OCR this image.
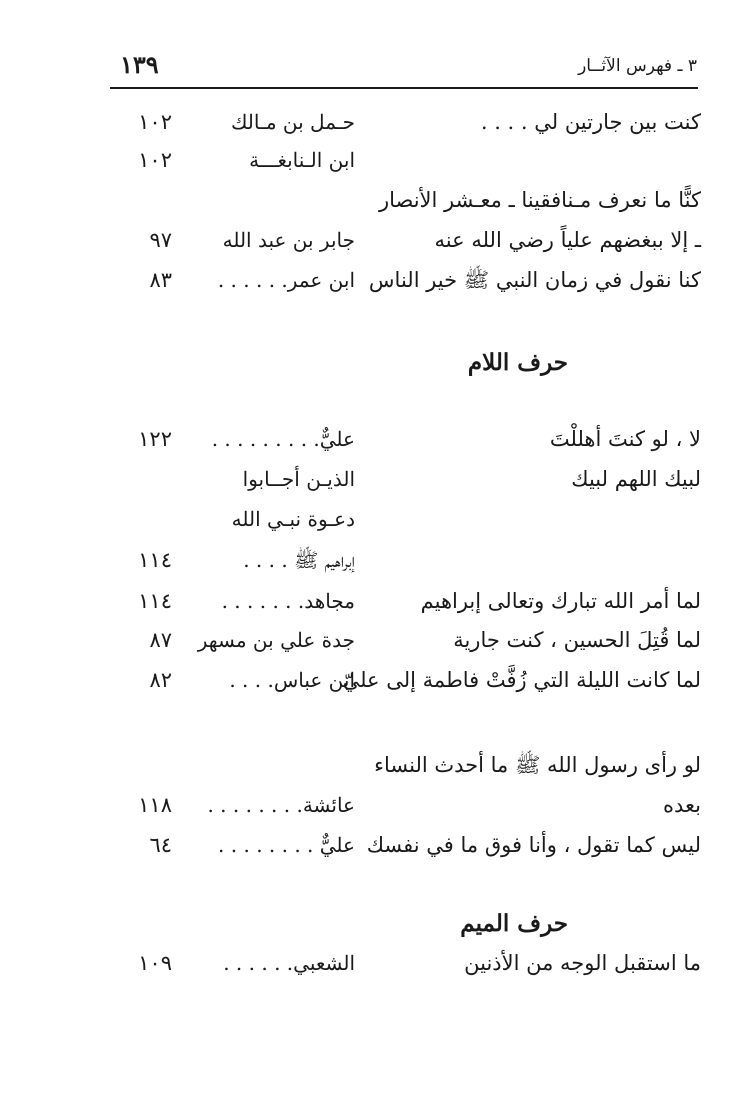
٣ ـ فهرس الآثــار
١٣٩
كنت بين جارتين لي . . . .
حـمل بن مـالك
١٠٢
ابن الـنابغـــة
١٠٢
كنًّا ما نعرف مـنافقينا ـ معـشر الأنصار
ـ إلا ببغضهم علياً رضي الله عنه
جابر بن عبد الله
٩٧
كنا نقول في زمان النبي ﷺ خير الناس
ابن عمر. . . . . .
٨٣
حرف اللام
لا ، لو كنتَ أهللْتَ
عليٌّ. . . . . . . . .
١٢٢
لبيك اللهم لبيك
الذيـن أجــابوا
دعـوة نبـي الله
إبراهيم ﷺ . . . .
١١٤
لما أمر الله تبارك وتعالى إبراهيم
مجاهد. . . . . . .
١١٤
لما قُتِلَ الحسين ، كنت جارية
جدة علي بن مسهر
٨٧
لما كانت الليلة التي زُفَّتْ فاطمة إلى عليّ
ابن عباس. . . .
٨٢
لو رأى رسول الله ﷺ ما أحدث النساء
بعده
عائشة. . . . . . . .
١١٨
ليس كما تقول ، وأنا فوق ما في نفسك
عليٌّ . . . . . . . .
٦٤
حرف الميم
ما استقبل الوجه من الأذنين
الشعبي. . . . . .
١٠٩
